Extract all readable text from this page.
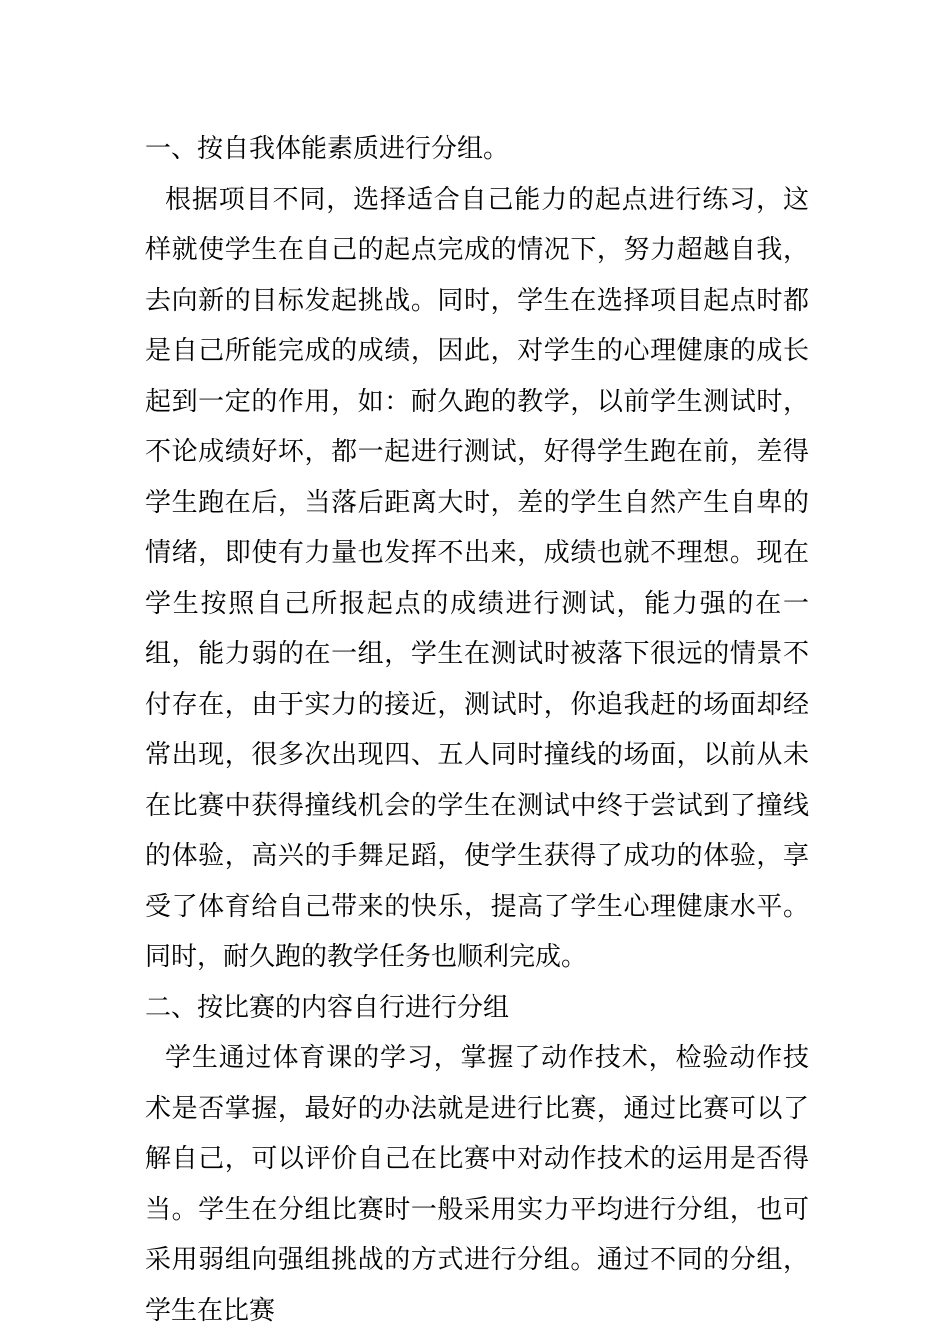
一、按自我体能素质进行分组。

根据项目不同，选择适合自己能力的起点进行练习，这样就使学生在自己的起点完成的情况下，努力超越自我，去向新的目标发起挑战。同时，学生在选择项目起点时都是自己所能完成的成绩，因此，对学生的心理健康的成长起到一定的作用，如：耐久跑的教学，以前学生测试时，不论成绩好坏，都一起进行测试，好得学生跑在前，差得学生跑在后，当落后距离大时，差的学生自然产生自卑的情绪，即使有力量也发挥不出来，成绩也就不理想。现在学生按照自己所报起点的成绩进行测试，能力强的在一组，能力弱的在一组，学生在测试时被落下很远的情景不付存在，由于实力的接近，测试时，你追我赶的场面却经常出现，很多次出现四、五人同时撞线的场面，以前从未在比赛中获得撞线机会的学生在测试中终于尝试到了撞线的体验，高兴的手舞足蹈，使学生获得了成功的体验，享受了体育给自己带来的快乐，提高了学生心理健康水平。同时，耐久跑的教学任务也顺利完成。

二、按比赛的内容自行进行分组

学生通过体育课的学习，掌握了动作技术，检验动作技术是否掌握，最好的办法就是进行比赛，通过比赛可以了解自己，可以评价自己在比赛中对动作技术的运用是否得当。学生在分组比赛时一般采用实力平均进行分组，也可采用弱组向强组挑战的方式进行分组。通过不同的分组，学生在比赛
